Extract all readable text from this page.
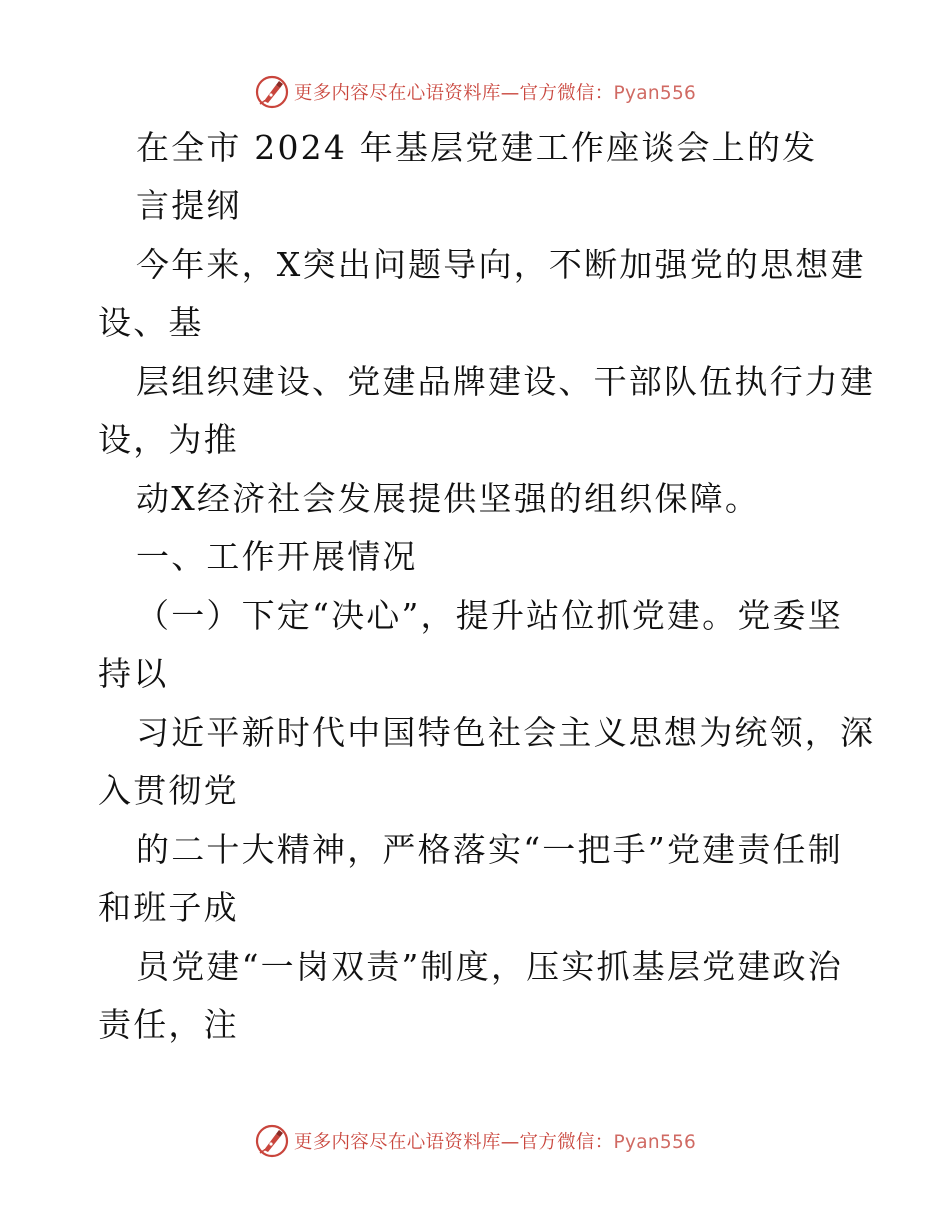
更多内容尽在心语资料库—官方微信：Pyan556
在全市 2024 年基层党建工作座谈会上的发
言提纲
今年来，X突出问题导向，不断加强党的思想建
设、基
层组织建设、党建品牌建设、干部队伍执行力建
设，为推
动X经济社会发展提供坚强的组织保障。
一、工作开展情况
（一）下定“决心”，提升站位抓党建。党委坚
持以
习近平新时代中国特色社会主义思想为统领，深
入贯彻党
的二十大精神，严格落实“一把手”党建责任制
和班子成
员党建“一岗双责”制度，压实抓基层党建政治
责任，注
更多内容尽在心语资料库—官方微信：Pyan556
